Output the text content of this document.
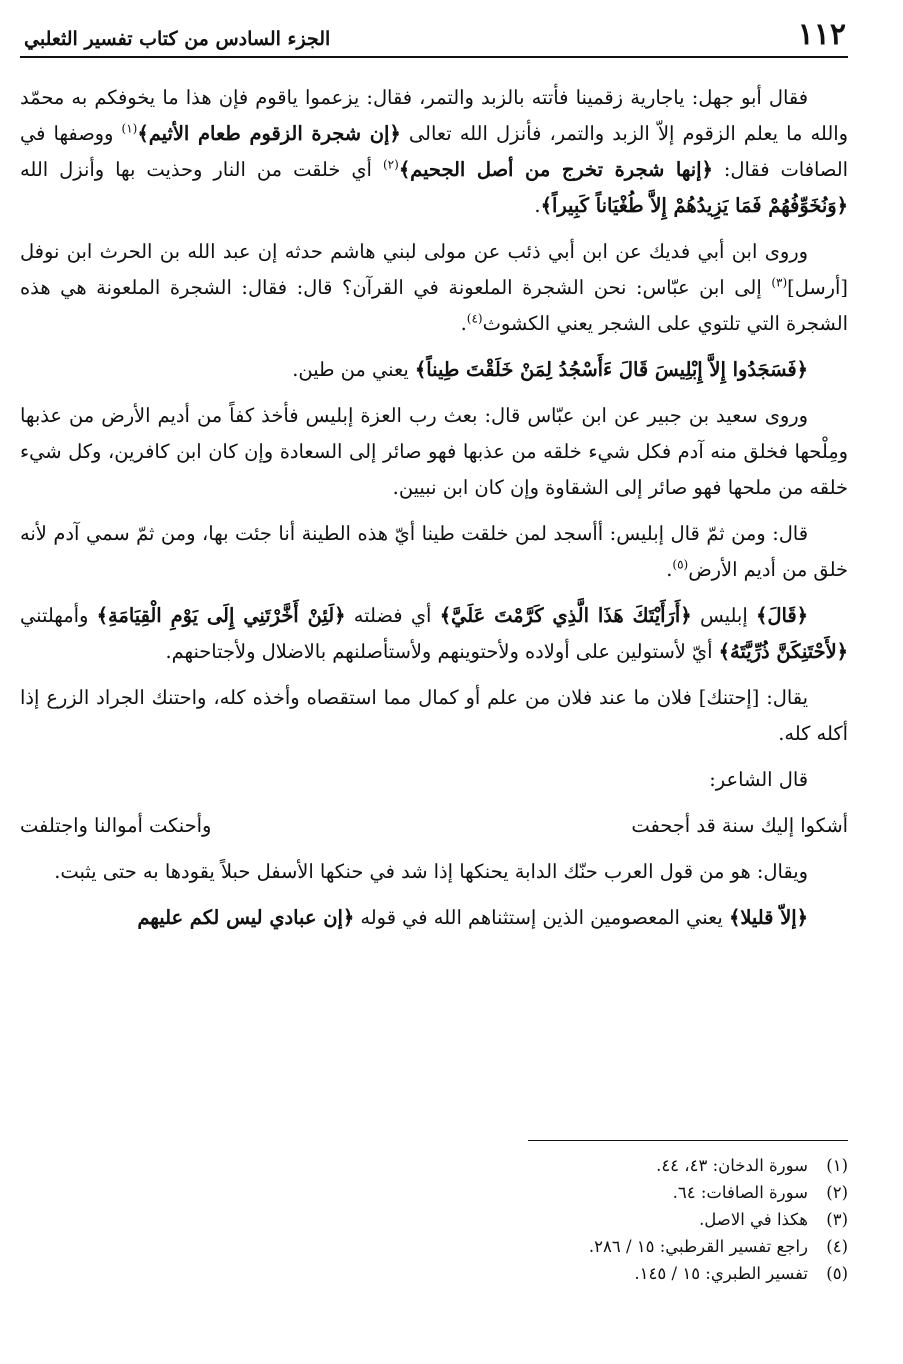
١١٢
الجزء السادس من كتاب تفسير الثعلبي

فقال أبو جهل: ياجارية زقمينا فأتته بالزبد والتمر، فقال: يزعموا ياقوم فإن هذا ما يخوفكم به محمّد والله ما يعلم الزقوم إلاّ الزبد والتمر، فأنزل الله تعالى ﴿إن شجرة الزقوم طعام الأثيم﴾$^{(١)}$ ووصفها في الصافات فقال: ﴿إنها شجرة تخرج من أصل الجحيم﴾$^{(٢)}$ أي خلقت من النار وحذيت بها وأنزل الله ﴿وَنُخَوِّفُهُمْ فَمَا يَزِيدُهُمْ إِلاَّ طُغْيَاناً كَبِيراً﴾.

وروى ابن أبي فديك عن ابن أبي ذئب عن مولى لبني هاشم حدثه إن عبد الله بن الحرث ابن نوفل [أرسل]$^{(٣)}$ إلى ابن عبّاس: نحن الشجرة الملعونة في القرآن؟ قال: فقال: الشجرة الملعونة هي هذه الشجرة التي تلتوي على الشجر يعني الكشوث$^{(٤)}$.

﴿فَسَجَدُوا إِلاَّ إِبْلِيسَ قَالَ ءَأَسْجُدُ لِمَنْ خَلَقْتَ طِيناً﴾ يعني من طين.

وروى سعيد بن جبير عن ابن عبّاس قال: بعث رب العزة إبليس فأخذ كفاً من أديم الأرض من عذبها ومِلْحها فخلق منه آدم فكل شيء خلقه من عذبها فهو صائر إلى السعادة وإن كان ابن كافرين، وكل شيء خلقه من ملحها فهو صائر إلى الشقاوة وإن كان ابن نبيين.

قال: ومن ثمّ قال إبليس: أأسجد لمن خلقت طينا أيّ هذه الطينة أنا جئت بها، ومن ثمّ سمي آدم لأنه خلق من أديم الأرض$^{(٥)}$.

﴿قَالَ﴾ إبليس ﴿أَرَأَيْتَكَ هَذَا الَّذِي كَرَّمْتَ عَلَيَّ﴾ أي فضلته ﴿لَئِنْ أَخَّرْتَنِي إِلَى يَوْمِ الْقِيَامَةِ﴾ وأمهلتني ﴿لأَحْتَنِكَنَّ ذُرِّيَّتَهُ﴾ أيّ لأستولين على أولاده ولأحتوينهم ولأستأصلنهم بالاضلال ولأجتاحنهم.

يقال: [إحتنك] فلان ما عند فلان من علم أو كمال مما استقصاه وأخذه كله، واحتنك الجراد الزرع إذا أكله كله.

قال الشاعر:

أشكوا إليك سنة قد أجحفت
وأحنكت أموالنا واجتلفت

ويقال: هو من قول العرب حنّك الدابة يحنكها إذا شد في حنكها الأسفل حبلاً يقودها به حتى يثبت.

﴿إلاّ قليلا﴾ يعني المعصومين الذين إستثناهم الله في قوله ﴿إن عبادي ليس لكم عليهم

(١)
سورة الدخان: ٤٣، ٤٤.
(٢)
سورة الصافات: ٦٤.
(٣)
هكذا في الاصل.
(٤)
راجع تفسير القرطبي: ١٥ / ٢٨٦.
(٥)
تفسير الطبري: ١٥ / ١٤٥.
